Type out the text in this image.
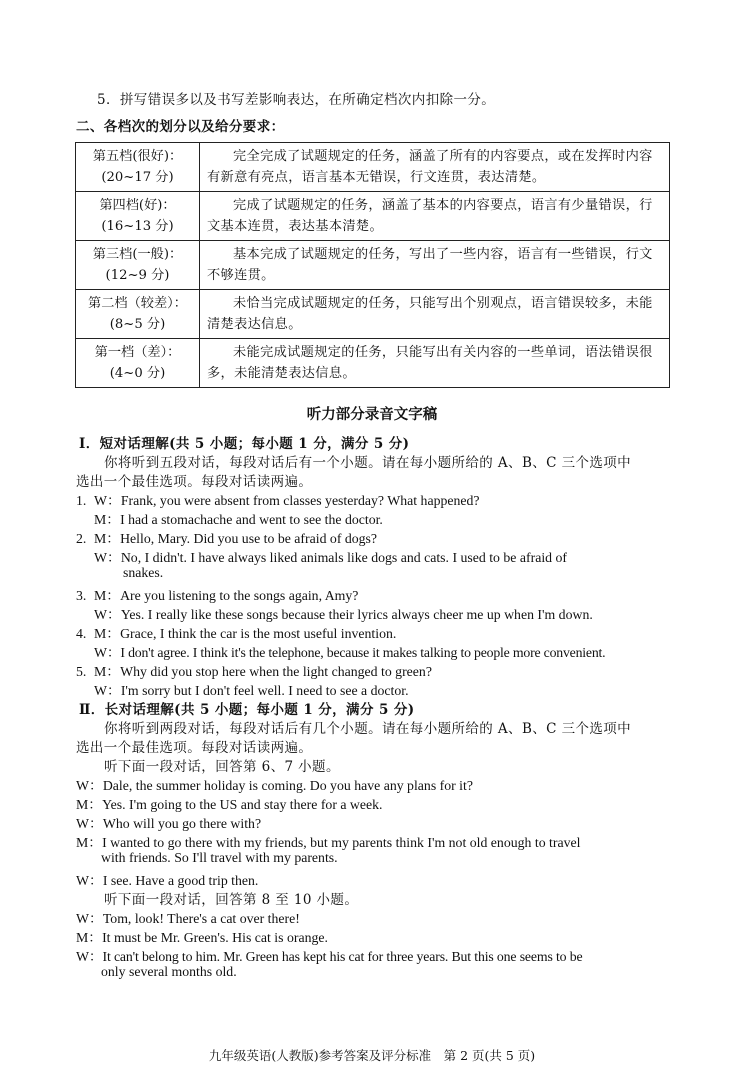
5．拼写错误多以及书写差影响表达，在所确定档次内扣除一分。
二、各档次的划分以及给分要求：
第五档(很好)：
(20~17 分)	完全完成了试题规定的任务，涵盖了所有的内容要点，或在发挥时内容有新意有亮点，语言基本无错误，行文连贯，表达清楚。

第四档(好)：
(16~13 分)	完成了试题规定的任务，涵盖了基本的内容要点，语言有少量错误，行文基本连贯，表达基本清楚。

第三档(一般)：
(12~9 分)	基本完成了试题规定的任务，写出了一些内容，语言有一些错误，行文不够连贯。

第二档（较差）：
(8~5 分)	未恰当完成试题规定的任务，只能写出个别观点，语言错误较多，未能清楚表达信息。

第一档（差）：
(4~0 分)	未能完成试题规定的任务，只能写出有关内容的一些单词，语法错误很多，未能清楚表达信息。
听力部分录音文字稿
Ⅰ．短对话理解(共 5 小题；每小题 1 分，满分 5 分)
你将听到五段对话，每段对话后有一个小题。请在每小题所给的 A、B、C 三个选项中
选出一个最佳选项。每段对话读两遍。
1. W：Frank, you were absent from classes yesterday? What happened?
M：I had a stomachache and went to see the doctor.
2. M：Hello, Mary. Did you use to be afraid of dogs?
W：No, I didn't. I have always liked animals like dogs and cats. I used to be afraid of
snakes.
3. M：Are you listening to the songs again, Amy?
W：Yes. I really like these songs because their lyrics always cheer me up when I'm down.
4. M：Grace, I think the car is the most useful invention.
W：I don't agree. I think it's the telephone, because it makes talking to people more convenient.
5. M：Why did you stop here when the light changed to green?
W：I'm sorry but I don't feel well. I need to see a doctor.
Ⅱ．长对话理解(共 5 小题；每小题 1 分，满分 5 分)
你将听到两段对话，每段对话后有几个小题。请在每小题所给的 A、B、C 三个选项中
选出一个最佳选项。每段对话读两遍。
听下面一段对话，回答第 6、7 小题。
W：Dale, the summer holiday is coming. Do you have any plans for it?
M：Yes. I'm going to the US and stay there for a week.
W：Who will you go there with?
M：I wanted to go there with my friends, but my parents think I'm not old enough to travel
with friends. So I'll travel with my parents.
W：I see. Have a good trip then.
听下面一段对话，回答第 8 至 10 小题。
W：Tom, look! There's a cat over there!
M：It must be Mr. Green's. His cat is orange.
W：It can't belong to him. Mr. Green has kept his cat for three years. But this one seems to be
only several months old.
九年级英语(人教版)参考答案及评分标准　第 2 页(共 5 页)
